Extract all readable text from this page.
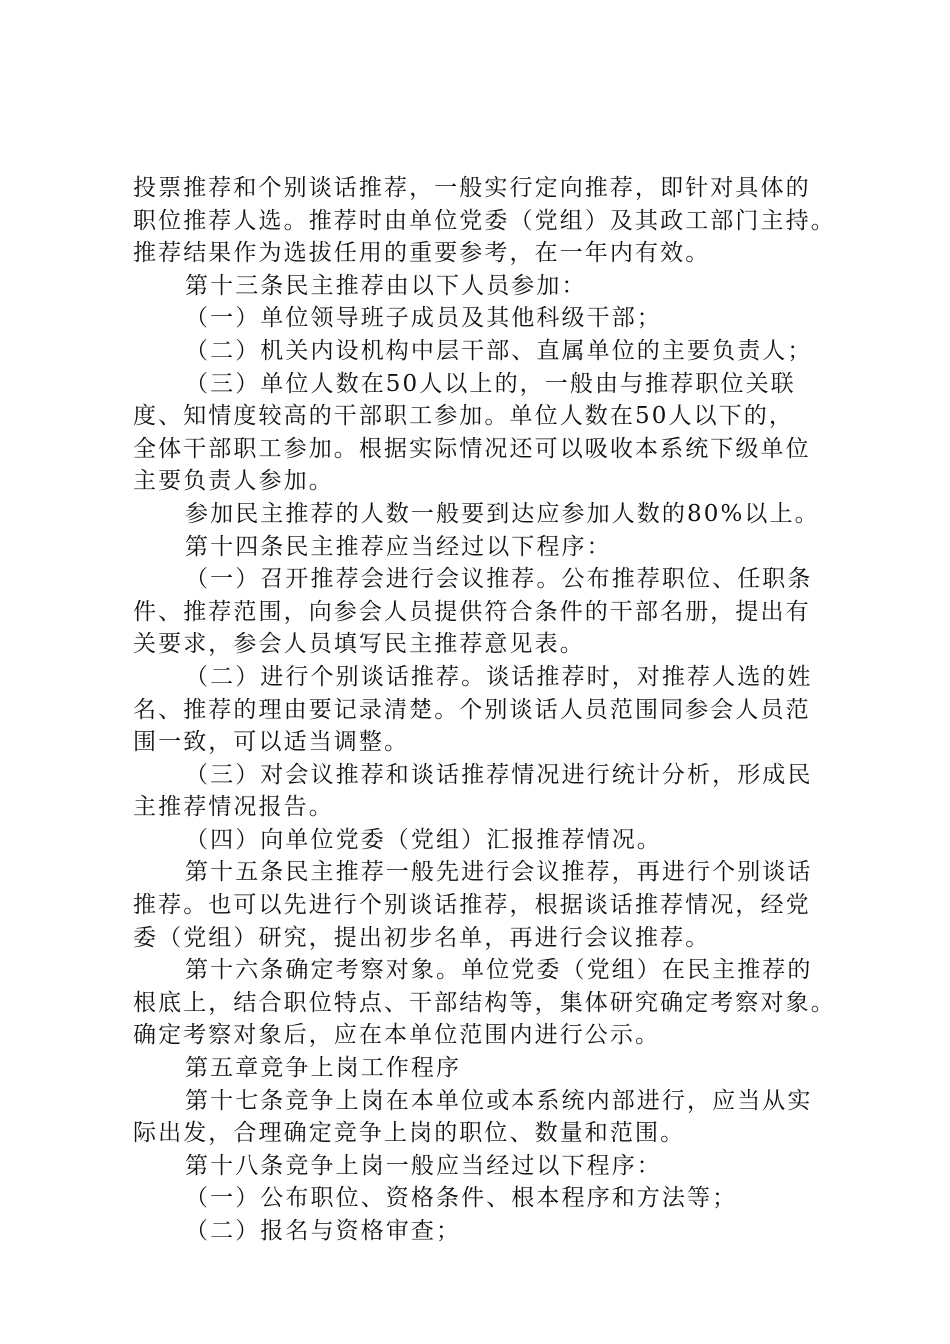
投票推荐和个别谈话推荐，一般实行定向推荐，即针对具体的
职位推荐人选。推荐时由单位党委（党组）及其政工部门主持。
推荐结果作为选拔任用的重要参考，在一年内有效。
第十三条民主推荐由以下人员参加：
（一）单位领导班子成员及其他科级干部；
（二）机关内设机构中层干部、直属单位的主要负责人；
（三）单位人数在50人以上的，一般由与推荐职位关联
度、知情度较高的干部职工参加。单位人数在50人以下的，
全体干部职工参加。根据实际情况还可以吸收本系统下级单位
主要负责人参加。
参加民主推荐的人数一般要到达应参加人数的80%以上。
第十四条民主推荐应当经过以下程序：
（一）召开推荐会进行会议推荐。公布推荐职位、任职条
件、推荐范围，向参会人员提供符合条件的干部名册，提出有
关要求，参会人员填写民主推荐意见表。
（二）进行个别谈话推荐。谈话推荐时，对推荐人选的姓
名、推荐的理由要记录清楚。个别谈话人员范围同参会人员范
围一致，可以适当调整。
（三）对会议推荐和谈话推荐情况进行统计分析，形成民
主推荐情况报告。
（四）向单位党委（党组）汇报推荐情况。
第十五条民主推荐一般先进行会议推荐，再进行个别谈话
推荐。也可以先进行个别谈话推荐，根据谈话推荐情况，经党
委（党组）研究，提出初步名单，再进行会议推荐。
第十六条确定考察对象。单位党委（党组）在民主推荐的
根底上，结合职位特点、干部结构等，集体研究确定考察对象。
确定考察对象后，应在本单位范围内进行公示。
第五章竞争上岗工作程序
第十七条竞争上岗在本单位或本系统内部进行，应当从实
际出发，合理确定竞争上岗的职位、数量和范围。
第十八条竞争上岗一般应当经过以下程序：
（一）公布职位、资格条件、根本程序和方法等；
（二）报名与资格审查；
